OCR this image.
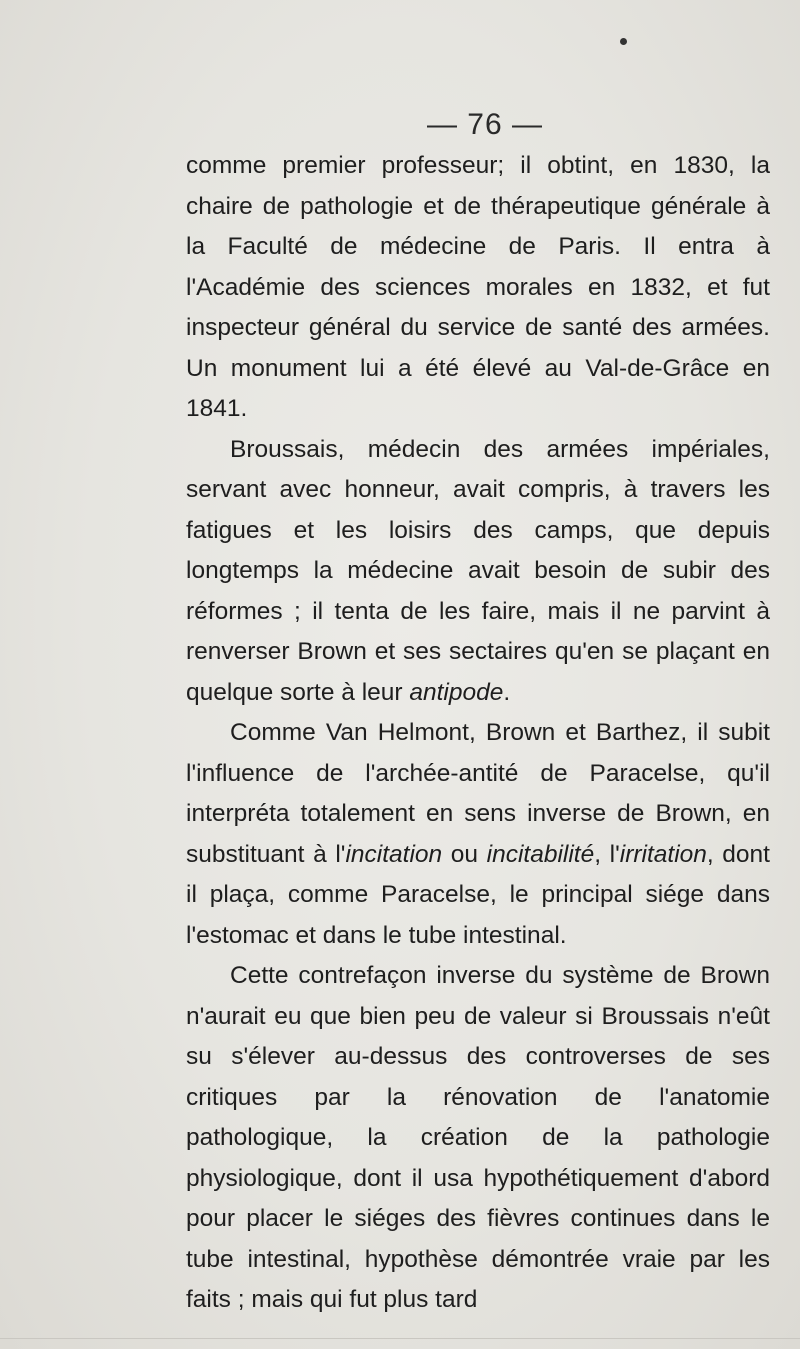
— 76 —

comme premier professeur; il obtint, en 1830, la chaire de pathologie et de thérapeutique générale à la Faculté de médecine de Paris. Il entra à l'Académie des sciences morales en 1832, et fut inspecteur général du service de santé des armées. Un monument lui a été élevé au Val-de-Grâce en 1841.

Broussais, médecin des armées impériales, servant avec honneur, avait compris, à travers les fatigues et les loisirs des camps, que depuis longtemps la médecine avait besoin de subir des réformes ; il tenta de les faire, mais il ne parvint à renverser Brown et ses sectaires qu'en se plaçant en quelque sorte à leur antipode.

Comme Van Helmont, Brown et Barthez, il subit l'influence de l'archée-antité de Paracelse, qu'il interpréta totalement en sens inverse de Brown, en substituant à l'incitation ou incitabilité, l'irritation, dont il plaça, comme Paracelse, le principal siége dans l'estomac et dans le tube intestinal.

Cette contrefaçon inverse du système de Brown n'aurait eu que bien peu de valeur si Broussais n'eût su s'élever au-dessus des controverses de ses critiques par la rénovation de l'anatomie pathologique, la création de la pathologie physiologique, dont il usa hypothétiquement d'abord pour placer le siéges des fièvres continues dans le tube intestinal, hypothèse démontrée vraie par les faits ; mais qui fut plus tard
